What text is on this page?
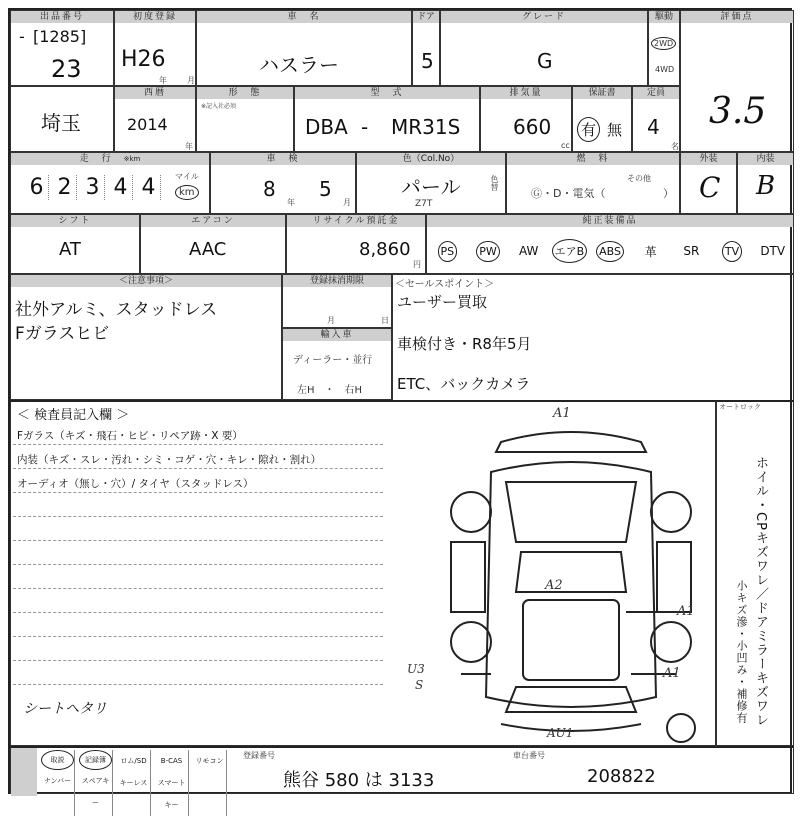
出品番号
- [1285]
23
初度登録
H26
年	月
車　名
ハスラー
ドア
5
グレード
G
駆動
2WD
4WD
評価点
3.5
埼玉
西暦
2014
年
形　態
※記入社必須
型　式
DBA - MR31S
排気量
660
cc
保証書
有 無
定員
4
名
走　行　 ※km
6 2 3 4 4	マイル
km
車　検
8
年
5
月
色（Col.No）
パール
Z7T
色替
燃　料
Ⓖ・D・電気（
その他
）
外装
C
内装
B
シフト
AT
エアコン
AAC
リサイクル預託金
8,860
円
純正装備品
PS	PW	AW	エアB	ABS	革	SR	TV	DTV
＜注意事項＞
社外アルミ、スタッドレス
Fガラスヒビ
登録抹消期限
月	日
輸入車
ディーラー・並行
左H　・　右H
＜セールスポイント＞
ユーザー買取
車検付き・R8年5月
ETC、バックカメラ
＜ 検査員記入欄 ＞
Fガラス（キズ・飛石・ヒビ・リペア跡・X 要）
内装（キズ・スレ・汚れ・シミ・コゲ・穴・キレ・隙れ・割れ）
オーディオ（無し・穴）/ タイヤ（スタッドレス）
シートヘタリ
A1
A2
A1
A1
U3
S
AU1
オートロック
ホイル・CPキズワレ／ドアミラーキズワレ
小キズ滲・小凹み・補修有
取説
ナンバー
記録簿
スペアキー
ロム/SD
キーレス
B-CAS
スマートキー
リモコン
登録番号
熊谷 580 は 3133
車台番号
208822
